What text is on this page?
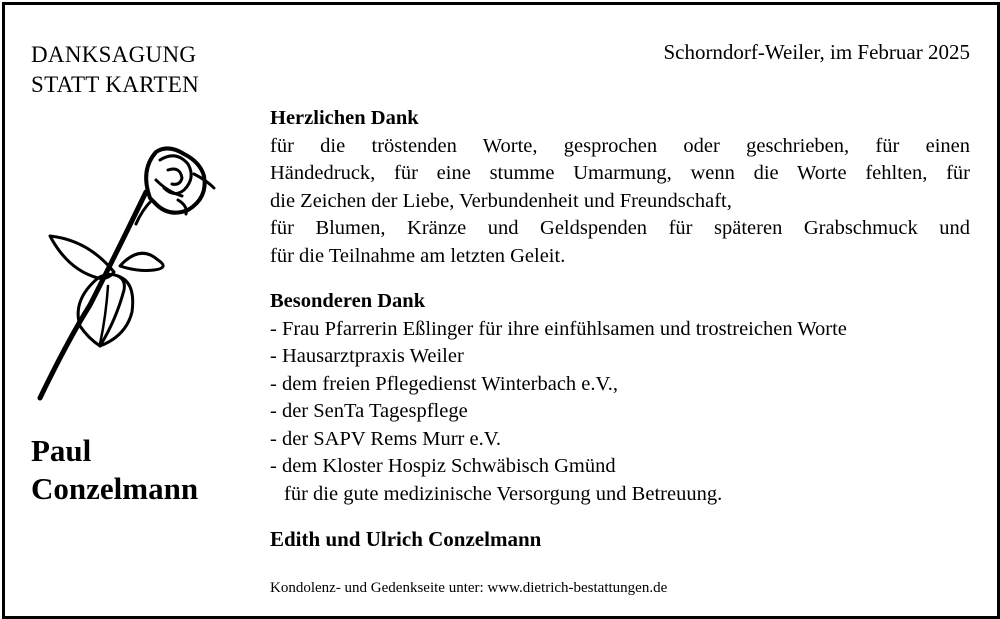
DANKSAGUNG
STATT KARTEN
Schorndorf-Weiler, im Februar 2025
Paul
Conzelmann

Herzlichen Dank

für die tröstenden Worte, gesprochen oder geschrieben, für einen

Händedruck, für eine stumme Umarmung, wenn die Worte fehlten, für

die Zeichen der Liebe, Verbundenheit und Freundschaft,

für Blumen, Kränze und Geldspenden für späteren Grabschmuck und

für die Teilnahme am letzten Geleit.

Besonderen Dank

- Frau Pfarrerin Eßlinger für ihre einfühlsamen und trostreichen Worte

- Hausarztpraxis Weiler

- dem freien Pflegedienst Winterbach e.V.,

- der SenTa Tagespflege

- der SAPV Rems Murr e.V.

- dem Kloster Hospiz Schwäbisch Gmünd

für die gute medizinische Versorgung und Betreuung.

Edith und Ulrich Conzelmann
Kondolenz- und Gedenkseite unter: www.dietrich-bestattungen.de
